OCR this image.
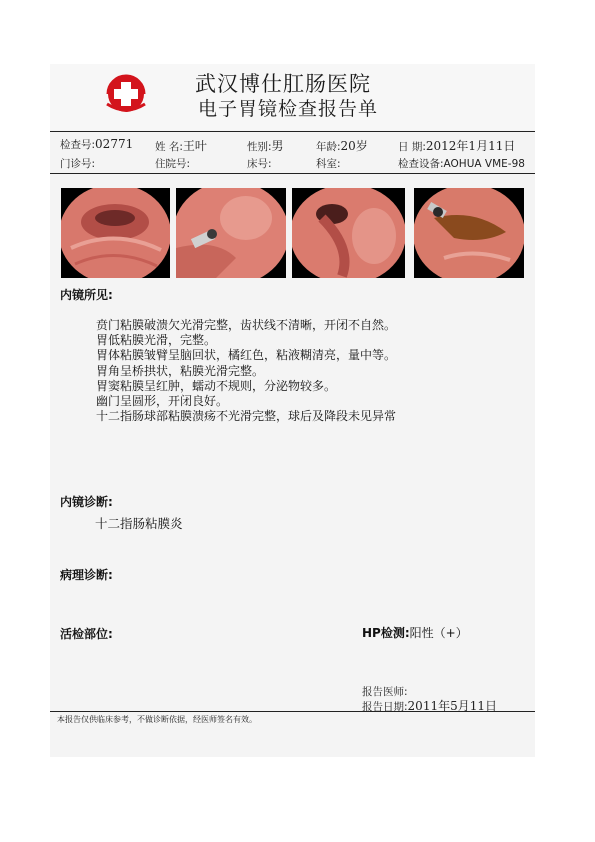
武汉博仕肛肠医院
电子胃镜检查报告单
检查号:02771 姓 名:王叶	性别:男	年龄:20岁	日 期:2012年1月11日
门诊号:	住院号:	床号:	科室:	检查设备:AOHUA VME-98
内镜所见:
贲门粘膜破溃欠光滑完整，齿状线不清晰，开闭不自然。
胃低粘膜光滑，完整。
胃体粘膜皱臂呈脑回状，橘红色，粘液糊清亮，量中等。
胃角呈桥拱状，粘膜光滑完整。
胃窦粘膜呈红肿，蠕动不规则，分泌物较多。
幽门呈圆形，开闭良好。
十二指肠球部粘膜溃疡不光滑完整，球后及降段未见异常
内镜诊断:
十二指肠粘膜炎
病理诊断:
活检部位:	HP检测:阳性（+）
报告医师:
报告日期:2011年5月11日
本报告仅供临床参考，不做诊断依据，经医师签名有效。
